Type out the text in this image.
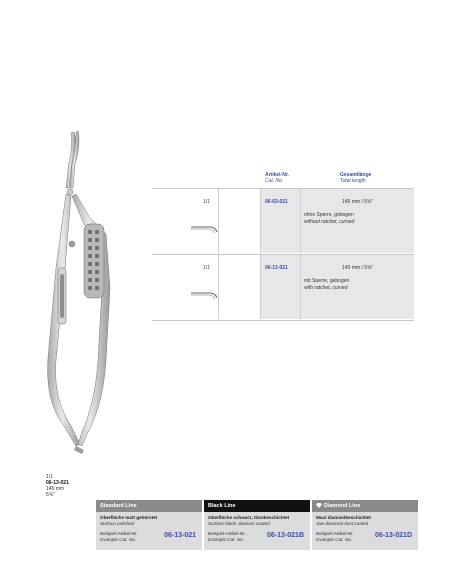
Artikel-Nr.
Cat. No.
Gesamtlänge
Total length
1/1	06-63-021	145 mm / 5⅝"
ohne Sperre, gebogen
without ratchet, curved
1/1	06-13-021	145 mm / 5⅝"
mit Sperre, gebogen
with ratchet, curved
1/1
06-13-021
145 mm
5⅝"
Standard Line
Oberfläche matt gebürstet
Surface polished
Beispiel-Artikel-Nr.
Example Cat. No.
06-13-021
Black Line
Oberfläche schwarz, titanbeschichtet
Surface black, titanium-coated
Beispiel-Artikel-Nr.
Example Cat. No.
06-13-021B
Diamond Line
Maul diamantbeschichtet
Jaw diamond dust coated
Beispiel-Artikel-Nr.
Example Cat. No.
06-13-021D
